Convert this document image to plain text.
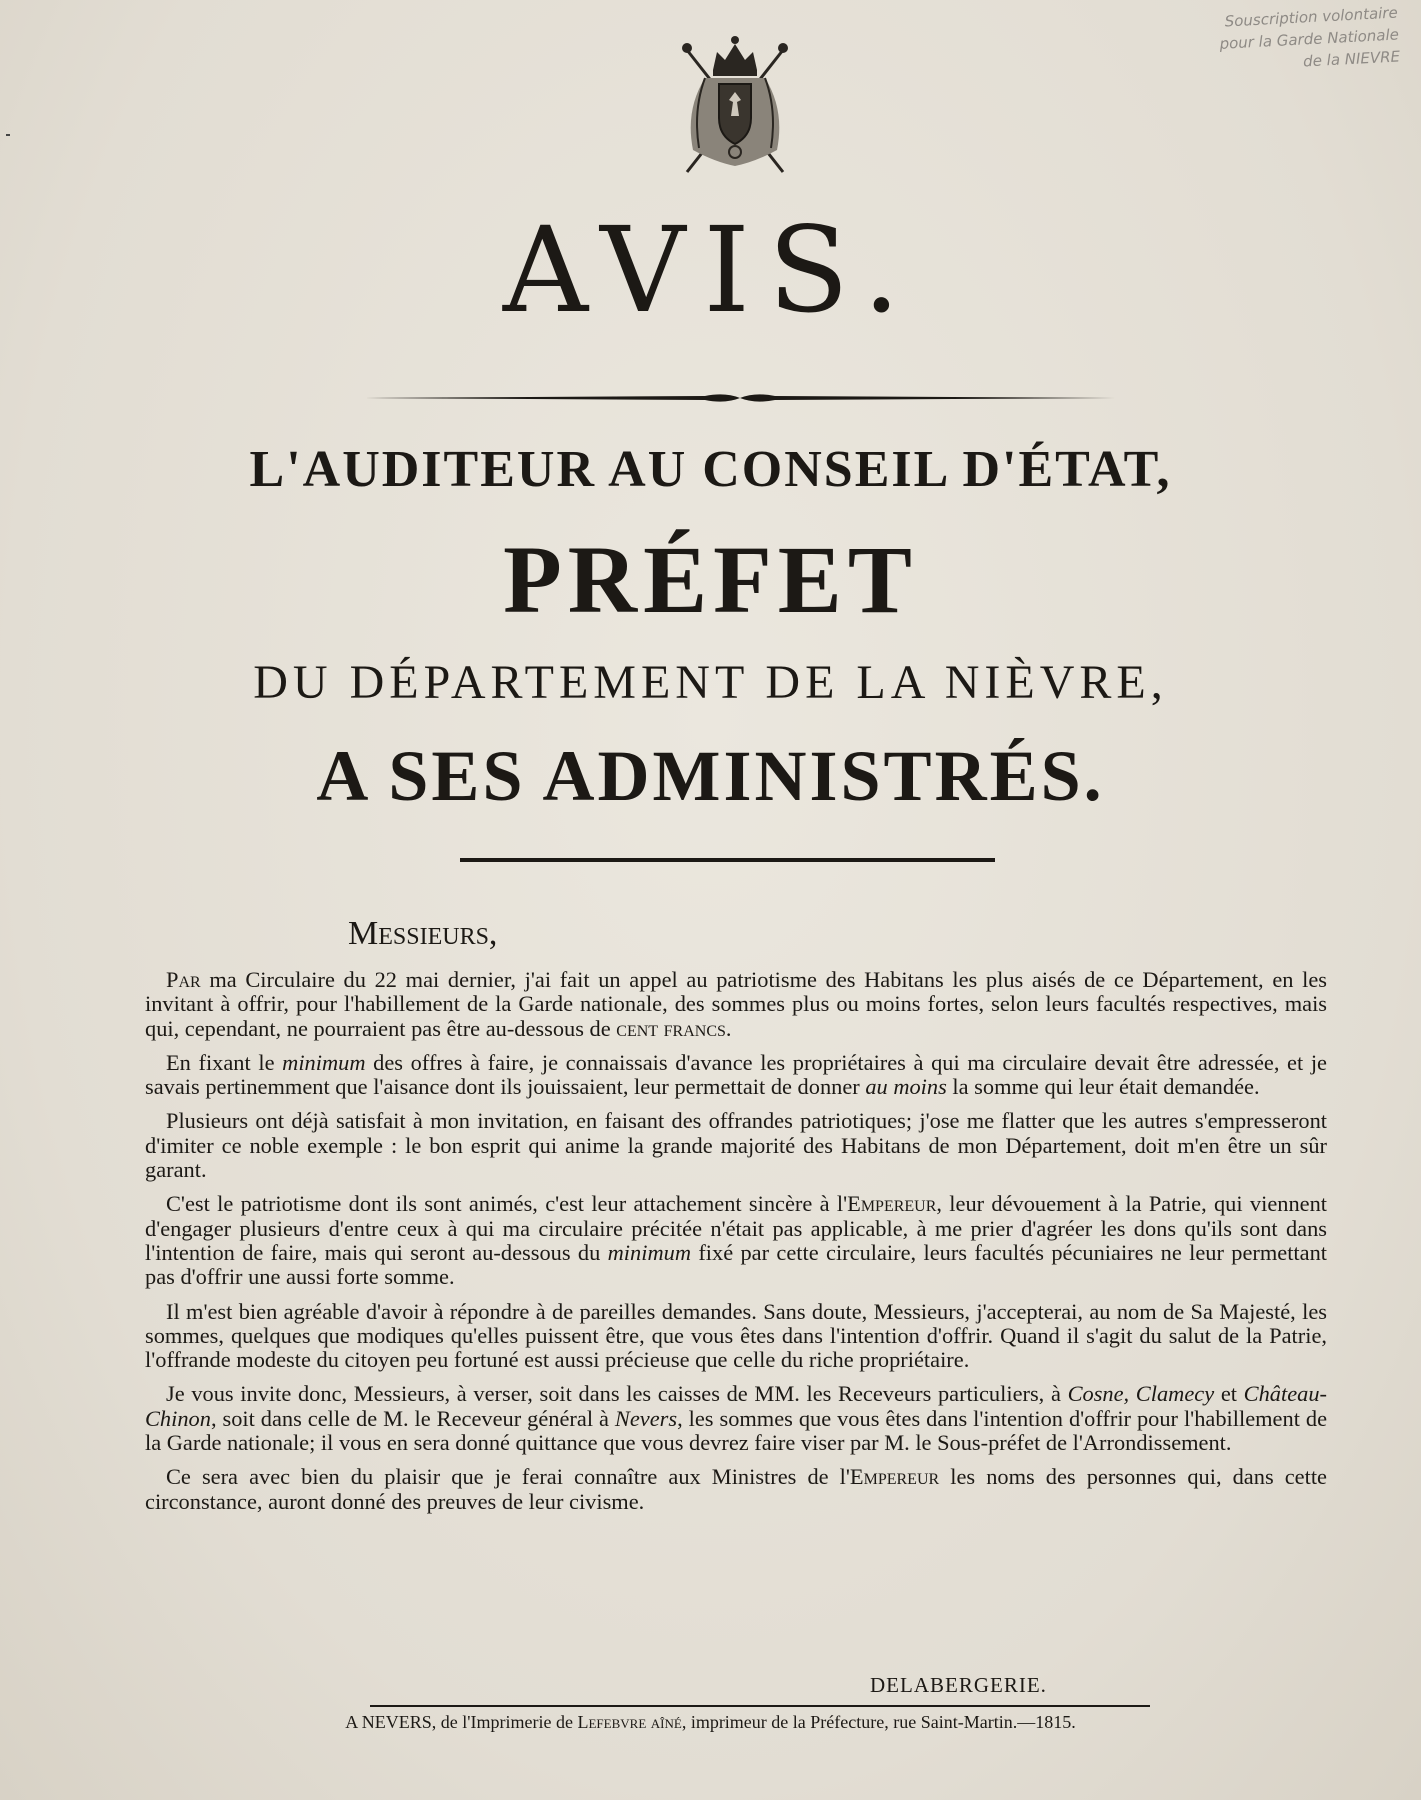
Souscription volontaire
pour la Garde Nationale
de la NIEVRE
AVIS.
L'AUDITEUR AU CONSEIL D'ÉTAT,
PRÉFET
DU DÉPARTEMENT DE LA NIÈVRE,
A SES ADMINISTRÉS.
Messieurs,

Par ma Circulaire du 22 mai dernier, j'ai fait un appel au patriotisme des Habitans les plus aisés de ce Département, en les invitant à offrir, pour l'habillement de la Garde nationale, des sommes plus ou moins fortes, selon leurs facultés respectives, mais qui, cependant, ne pourraient pas être au-dessous de cent francs.

En fixant le minimum des offres à faire, je connaissais d'avance les propriétaires à qui ma circulaire devait être adressée, et je savais pertinemment que l'aisance dont ils jouissaient, leur permettait de donner au moins la somme qui leur était demandée.

Plusieurs ont déjà satisfait à mon invitation, en faisant des offrandes patriotiques; j'ose me flatter que les autres s'empresseront d'imiter ce noble exemple : le bon esprit qui anime la grande majorité des Habitans de mon Département, doit m'en être un sûr garant.

C'est le patriotisme dont ils sont animés, c'est leur attachement sincère à l'Empereur, leur dévouement à la Patrie, qui viennent d'engager plusieurs d'entre ceux à qui ma circulaire précitée n'était pas applicable, à me prier d'agréer les dons qu'ils sont dans l'intention de faire, mais qui seront au-dessous du minimum fixé par cette circulaire, leurs facultés pécuniaires ne leur permettant pas d'offrir une aussi forte somme.

Il m'est bien agréable d'avoir à répondre à de pareilles demandes. Sans doute, Messieurs, j'accepterai, au nom de Sa Majesté, les sommes, quelques que modiques qu'elles puissent être, que vous êtes dans l'intention d'offrir. Quand il s'agit du salut de la Patrie, l'offrande modeste du citoyen peu fortuné est aussi précieuse que celle du riche propriétaire.

Je vous invite donc, Messieurs, à verser, soit dans les caisses de MM. les Receveurs particuliers, à Cosne, Clamecy et Château-Chinon, soit dans celle de M. le Receveur général à Nevers, les sommes que vous êtes dans l'intention d'offrir pour l'habillement de la Garde nationale; il vous en sera donné quittance que vous devrez faire viser par M. le Sous-préfet de l'Arrondissement.

Ce sera avec bien du plaisir que je ferai connaître aux Ministres de l'Empereur les noms des personnes qui, dans cette circonstance, auront donné des preuves de leur civisme.

DELABERGERIE.
A NEVERS, de l'Imprimerie de Lefebvre aîné, imprimeur de la Préfecture, rue Saint-Martin.—1815.
